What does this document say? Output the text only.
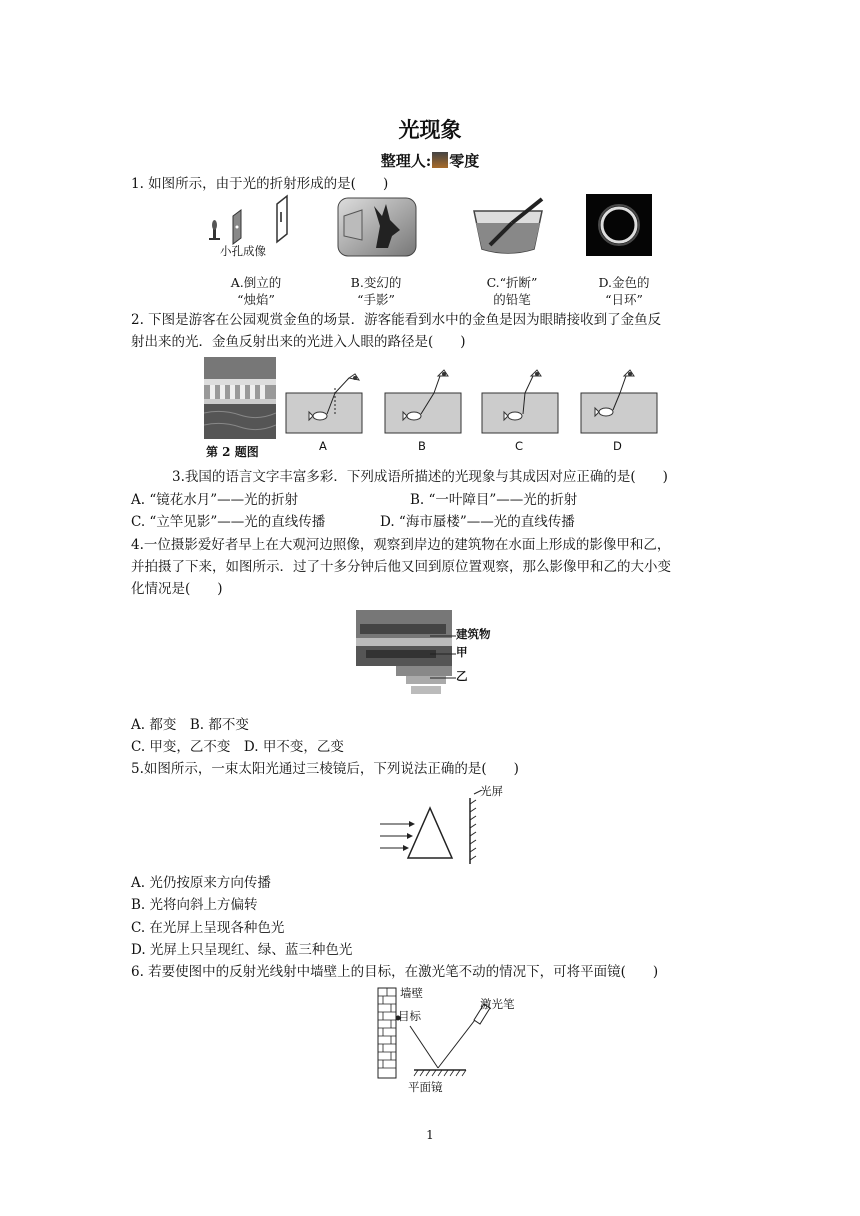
光现象
整理人: 零度
1. 如图所示，由于光的折射形成的是(　　)
小孔成像
A.倒立的
“烛焰”
B.变幻的
“手影”
C.“折断”
的铅笔
D.金色的
“日环”
2. 下图是游客在公园观赏金鱼的场景．游客能看到水中的金鱼是因为眼睛接收到了金鱼反
射出来的光．金鱼反射出来的光进入人眼的路径是(　　)
第 2 题图	A	B	C	D
3.我国的语言文字丰富多彩．下列成语所描述的光现象与其成因对应正确的是(　　)
A. “镜花水月”——光的折射	B. “一叶障目”——光的折射
C. “立竿见影”——光的直线传播	D. “海市蜃楼”——光的直线传播
4.一位摄影爱好者早上在大观河边照像，观察到岸边的建筑物在水面上形成的影像甲和乙，
并拍摄了下来，如图所示．过了十多分钟后他又回到原位置观察，那么影像甲和乙的大小变
化情况是(　　)
建筑物
甲
乙
A. 都变　B. 都不变
C. 甲变，乙不变　D. 甲不变，乙变
5.如图所示，一束太阳光通过三棱镜后，下列说法正确的是(　　)
光屏
A. 光仍按原来方向传播
B. 光将向斜上方偏转
C. 在光屏上呈现各种色光
D. 光屏上只呈现红、绿、蓝三种色光
6. 若要使图中的反射光线射中墙壁上的目标，在激光笔不动的情况下，可将平面镜(　　)
墙壁
目标
激光笔
平面镜
1
